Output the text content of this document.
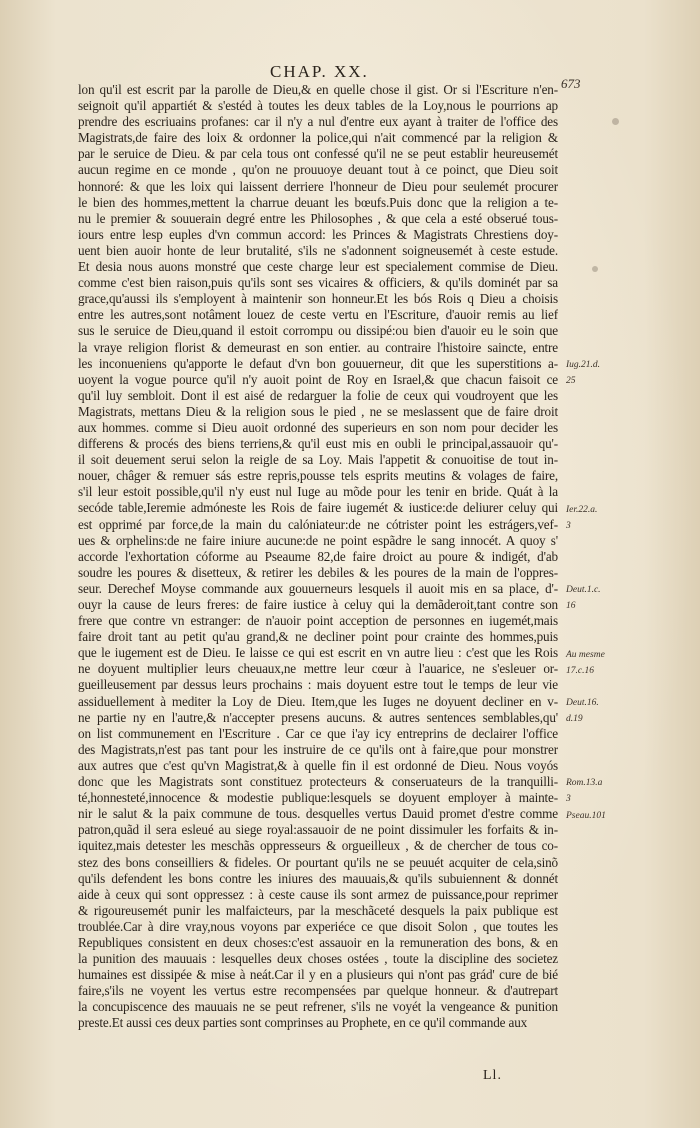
CHAP. XX.
673
lon qu'il est escrit par la parolle de Dieu,& en quelle chose il gist. Or si l'Escriture n'en-
seignoit qu'il appartiét & s'estéd à toutes les deux tables de la Loy,nous le pourrions ap
prendre des escriuains profanes: car il n'y a nul d'entre eux ayant à traiter de l'office des
Magistrats,de faire des loix & ordonner la police,qui n'ait commencé par la religion &
par le seruice de Dieu. & par cela tous ont confessé qu'il ne se peut establir heureusemét
aucun regime en ce monde , qu'on ne prouuoye deuant tout à ce poinct, que Dieu soit
honnoré: & que les loix qui laissent derriere l'honneur de Dieu pour seulemét procurer
le bien des hommes,mettent la charrue deuant les bœufs.Puis donc que la religion a te-
nu le premier & souuerain degré entre les Philosophes , & que cela a esté obserué tous-
iours entre lesp euples d'vn commun accord: les Princes & Magistrats Chrestiens doy-
uent bien auoir honte de leur brutalité, s'ils ne s'adonnent soigneusemét à ceste estude.
Et desia nous auons monstré que ceste charge leur est specialement commise de Dieu.
comme c'est bien raison,puis qu'ils sont ses vicaires & officiers, & qu'ils dominét par sa
grace,qu'aussi ils s'employent à maintenir son honneur.Et les bós Rois q Dieu a choisis
entre les autres,sont notâment louez de ceste vertu en l'Escriture, d'auoir remis au lief
sus le seruice de Dieu,quand il estoit corrompu ou dissipé:ou bien d'auoir eu le soin que
la vraye religion florist & demeurast en son entier. au contraire l'histoire saincte, entre
les inconueniens qu'apporte le defaut d'vn bon gouuerneur, dit que les superstitions a-
uoyent la vogue pource qu'il n'y auoit point de Roy en Israel,& que chacun faisoit ce
qu'il luy sembloit. Dont il est aisé de redarguer la folie de ceux qui voudroyent que les
Magistrats, mettans Dieu & la religion sous le pied , ne se meslassent que de faire droit
aux hommes. comme si Dieu auoit ordonné des superieurs en son nom pour decider les
differens & procés des biens terriens,& qu'il eust mis en oubli le principal,assauoir qu'-
il soit deuement serui selon la reigle de sa Loy. Mais l'appetit & conuoitise de tout in-
nouer, châger & remuer sás estre repris,pousse tels esprits meutins & volages de faire,
s'il leur estoit possible,qu'il n'y eust nul Iuge au mõde pour les tenir en bride. Quát à la
secóde table,Ieremie admóneste les Rois de faire iugemét & iustice:de deliurer celuy qui
est opprimé par force,de la main du calóniateur:de ne cótrister point les estrágers,vef-
ues & orphelins:de ne faire iniure aucune:de ne point espãdre le sang innocét. A quoy s'
accorde l'exhortation cóforme au Pseaume 82,de faire droict au poure & indigét, d'ab
soudre les poures & disetteux, & retirer les debiles & les poures de la main de l'oppres-
seur. Derechef Moyse commande aux gouuerneurs lesquels il auoit mis en sa place, d'-
ouyr la cause de leurs freres: de faire iustice à celuy qui la demãderoit,tant contre son
frere que contre vn estranger: de n'auoir point acception de personnes en iugemét,mais
faire droit tant au petit qu'au grand,& ne decliner point pour crainte des hommes,puis
que le iugement est de Dieu. Ie laisse ce qui est escrit en vn autre lieu : c'est que les Rois
ne doyuent multiplier leurs cheuaux,ne mettre leur cœur à l'auarice, ne s'esleuer or-
gueilleusement par dessus leurs prochains : mais doyuent estre tout le temps de leur vie
assiduellement à mediter la Loy de Dieu. Item,que les Iuges ne doyuent decliner en v-
ne partie ny en l'autre,& n'accepter presens aucuns. & autres sentences semblables,qu'
on list communement en l'Escriture . Car ce que i'ay icy entreprins de declairer l'office
des Magistrats,n'est pas tant pour les instruire de ce qu'ils ont à faire,que pour monstrer
aux autres que c'est qu'vn Magistrat,& à quelle fin il est ordonné de Dieu. Nous voyós
donc que les Magistrats sont constituez protecteurs & conseruateurs de la tranquilli-
té,honnesteté,innocence & modestie publique:lesquels se doyuent employer à mainte-
nir le salut & la paix commune de tous. desquelles vertus Dauid promet d'estre comme
patron,quãd il sera esleué au siege royal:assauoir de ne point dissimuler les forfaits & in-
iquitez,mais detester les meschãs oppresseurs & orgueilleux , & de chercher de tous co-
stez des bons conseilliers & fideles. Or pourtant qu'ils ne se peuuét acquiter de cela,sinõ
qu'ils defendent les bons contre les iniures des mauuais,& qu'ils subuiennent & donnét
aide à ceux qui sont oppressez : à ceste cause ils sont armez de puissance,pour reprimer
& rigoureusemét punir les malfaicteurs, par la meschãceté desquels la paix publique est
troublée.Car à dire vray,nous voyons par experiéce ce que disoit Solon , que toutes les
Republiques consistent en deux choses:c'est assauoir en la remuneration des bons, & en
la punition des mauuais : lesquelles deux choses ostées , toute la discipline des societez
humaines est dissipée & mise à neát.Car il y en a plusieurs qui n'ont pas grád' cure de bié
faire,s'ils ne voyent les vertus estre recompensées par quelque honneur. & d'autrepart
la concupiscence des mauuais ne se peut refrener, s'ils ne voyét la vengeance & punition
preste.Et aussi ces deux parties sont comprinses au Prophete, en ce qu'il commande aux
Iug.21.d.
25
Ier.22.a.
3
Deut.1.c.
16
Au mesme
17.c.16
Deut.16.
d.19
Rom.13.a
3
Pseau.101
Ll.
